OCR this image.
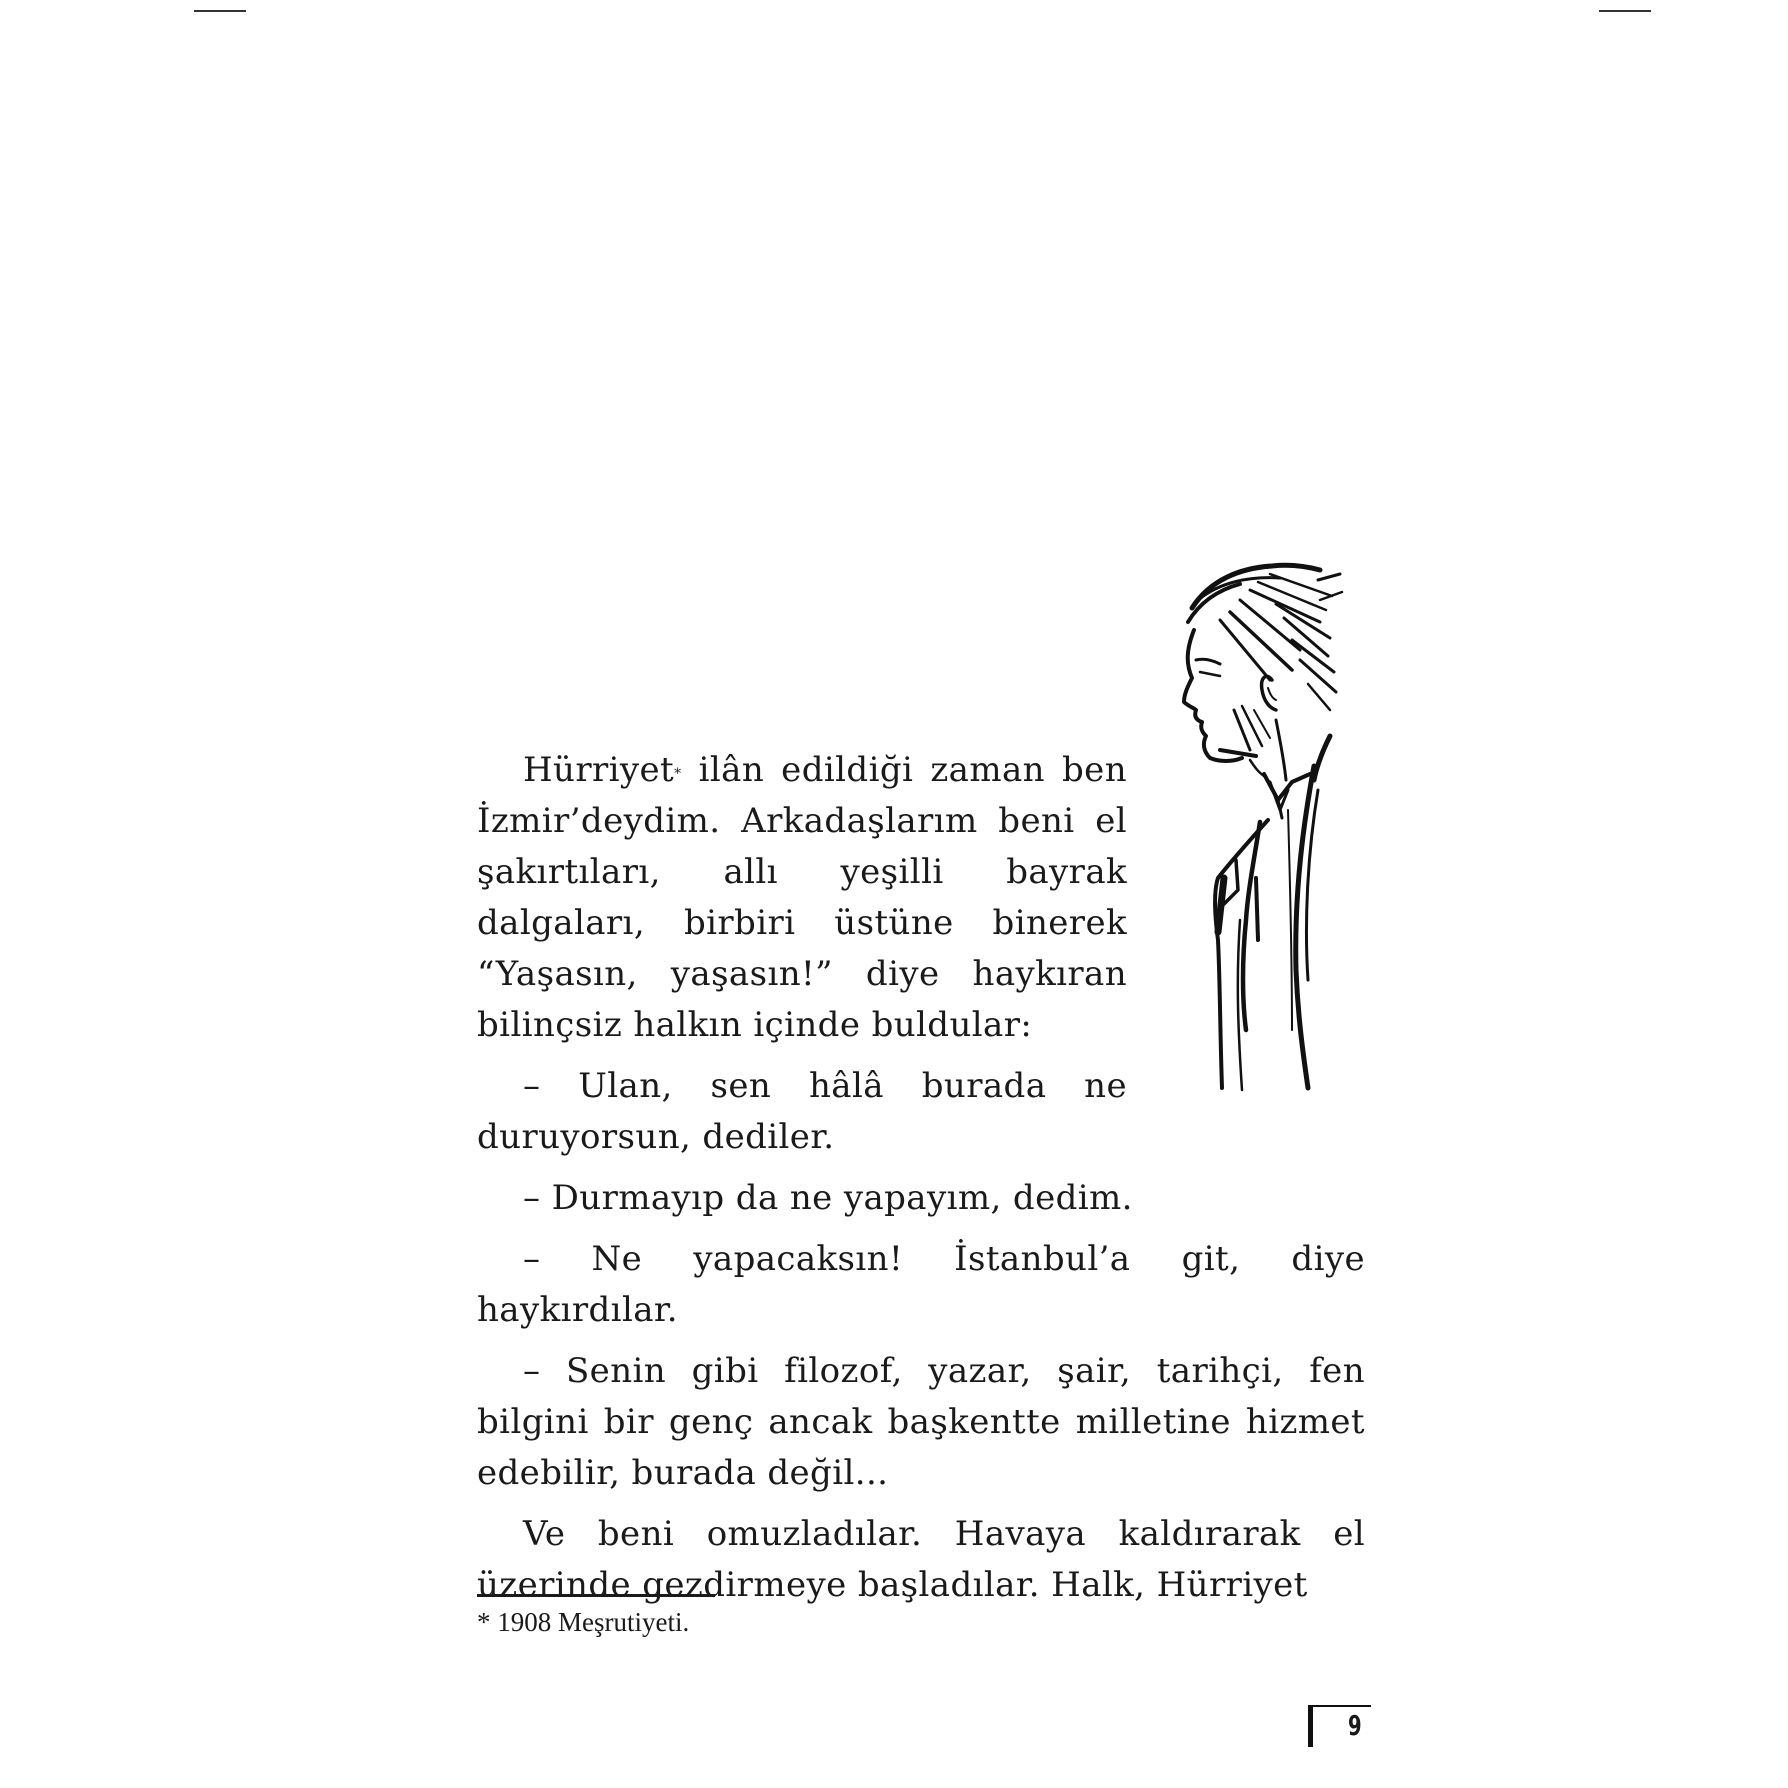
Hürriyet* ilân edildiği zaman ben İzmir’deydim. Arkadaşlarım beni el şakırtıları, allı yeşilli bayrak dalgaları, birbiri üstüne binerek “Yaşasın, yaşasın!” diye haykıran bilinçsiz halkın içinde buldular:

– Ulan, sen hâlâ burada ne duruyorsun, dediler.

– Durmayıp da ne yapayım, dedim.

– Ne yapacaksın! İstanbul’a git, diye haykırdılar.

– Senin gibi filozof, yazar, şair, tarihçi, fen bilgini bir genç ancak başkentte milletine hizmet edebilir, burada değil...

Ve beni omuzladılar. Havaya kaldırarak el üzerinde gezdirmeye başladılar. Halk, Hürriyet

* 1908 Meşrutiyeti.
9
